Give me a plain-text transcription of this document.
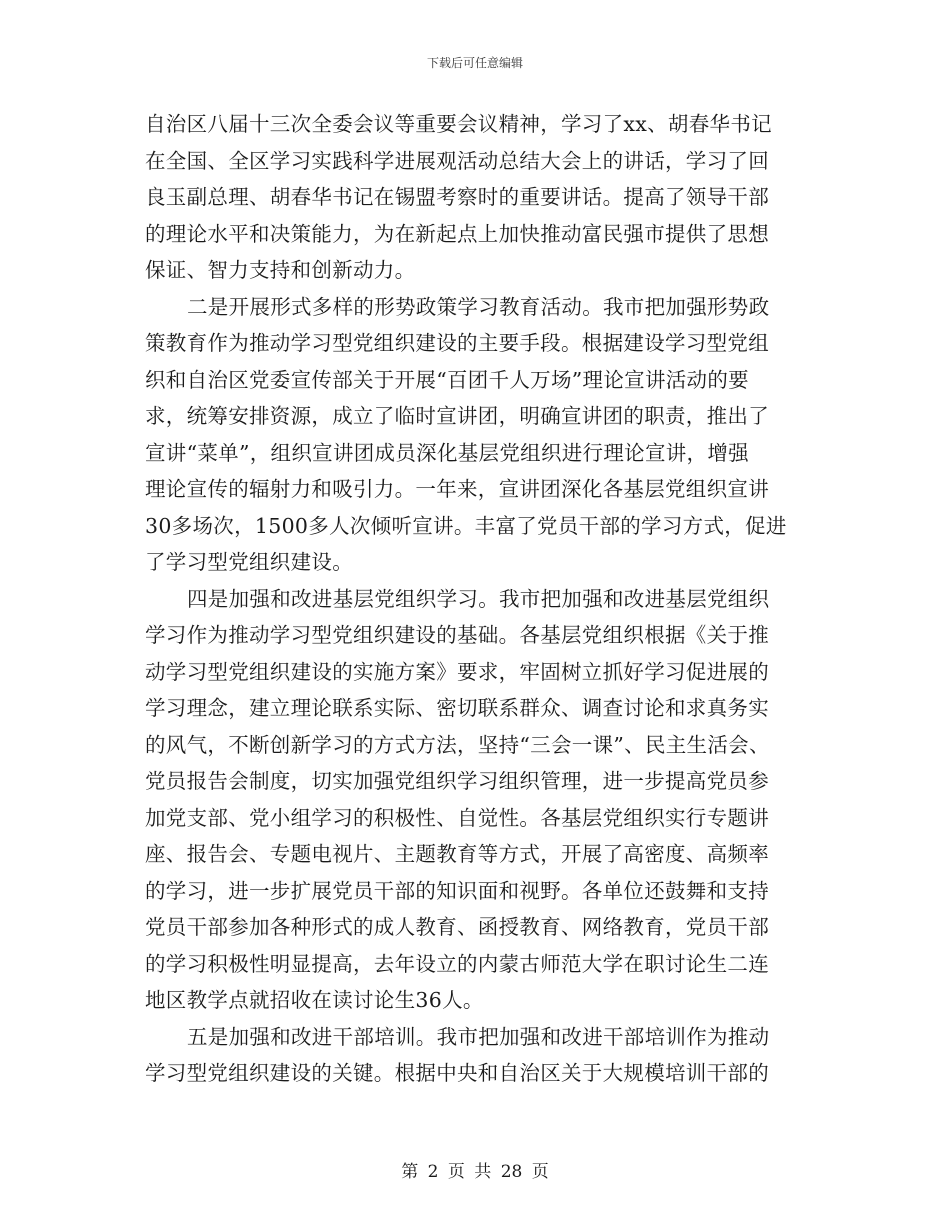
下载后可任意编辑
自治区八届十三次全委会议等重要会议精神，学习了xx、胡春华书记
在全国、全区学习实践科学进展观活动总结大会上的讲话，学习了回
良玉副总理、胡春华书记在锡盟考察时的重要讲话。提高了领导干部
的理论水平和决策能力，为在新起点上加快推动富民强市提供了思想
保证、智力支持和创新动力。
二是开展形式多样的形势政策学习教育活动。我市把加强形势政
策教育作为推动学习型党组织建设的主要手段。根据建设学习型党组
织和自治区党委宣传部关于开展“百团千人万场”理论宣讲活动的要
求，统筹安排资源，成立了临时宣讲团，明确宣讲团的职责，推出了
宣讲“菜单”，组织宣讲团成员深化基层党组织进行理论宣讲，增强
理论宣传的辐射力和吸引力。一年来，宣讲团深化各基层党组织宣讲
30多场次，1500多人次倾听宣讲。丰富了党员干部的学习方式，促进
了学习型党组织建设。
四是加强和改进基层党组织学习。我市把加强和改进基层党组织
学习作为推动学习型党组织建设的基础。各基层党组织根据《关于推
动学习型党组织建设的实施方案》要求，牢固树立抓好学习促进展的
学习理念，建立理论联系实际、密切联系群众、调查讨论和求真务实
的风气，不断创新学习的方式方法，坚持“三会一课”、民主生活会、
党员报告会制度，切实加强党组织学习组织管理，进一步提高党员参
加党支部、党小组学习的积极性、自觉性。各基层党组织实行专题讲
座、报告会、专题电视片、主题教育等方式，开展了高密度、高频率
的学习，进一步扩展党员干部的知识面和视野。各单位还鼓舞和支持
党员干部参加各种形式的成人教育、函授教育、网络教育，党员干部
的学习积极性明显提高，去年设立的内蒙古师范大学在职讨论生二连
地区教学点就招收在读讨论生36人。
五是加强和改进干部培训。我市把加强和改进干部培训作为推动
学习型党组织建设的关键。根据中央和自治区关于大规模培训干部的
第 2 页 共 28 页
